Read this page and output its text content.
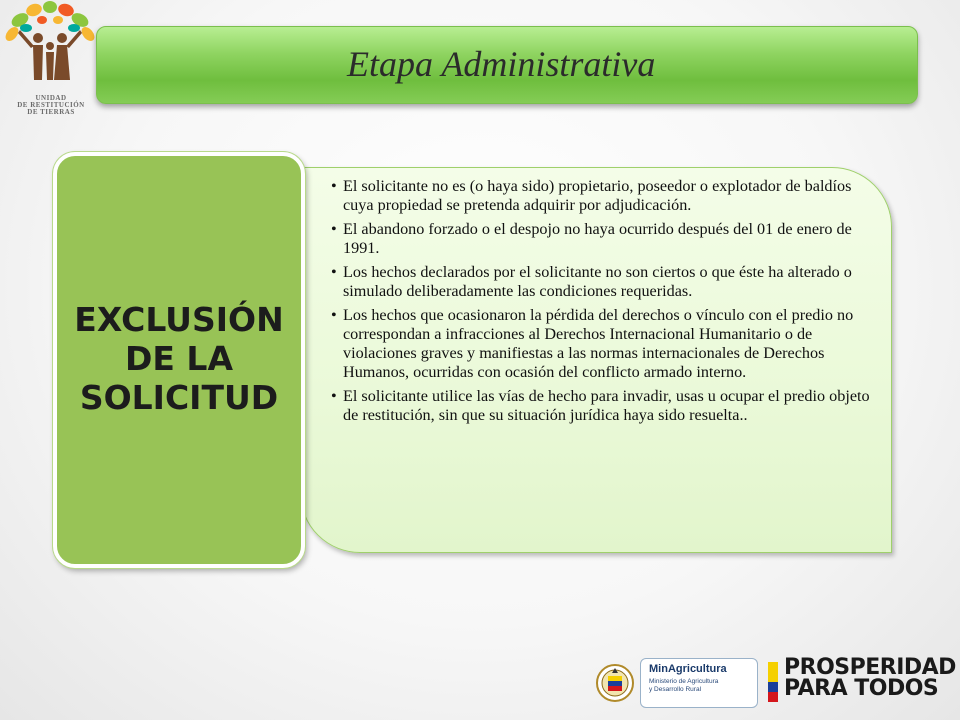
UNIDAD
DE RESTITUCIÓN
DE TIERRAS
Etapa Administrativa
• El solicitante no es (o haya sido) propietario, poseedor o explotador de baldíos cuya propiedad se pretenda adquirir por adjudicación.
• El abandono forzado o el despojo no haya ocurrido después del 01 de enero de 1991.
• Los hechos declarados por el solicitante no son ciertos o que éste ha alterado o simulado deliberadamente las condiciones requeridas.
• Los hechos que ocasionaron la pérdida del derechos o vínculo con el predio no correspondan a infracciones al Derechos Internacional Humanitario o de violaciones graves y manifiestas a las normas internacionales de Derechos Humanos, ocurridas con ocasión del conflicto armado interno.
• El solicitante utilice las vías de hecho para invadir, usas u ocupar el predio objeto de restitución, sin que su situación jurídica haya sido resuelta..
EXCLUSIÓN
DE LA
SOLICITUD
MinAgricultura
Ministerio de Agricultura
y Desarrollo Rural
PROSPERIDAD
PARA TODOS
